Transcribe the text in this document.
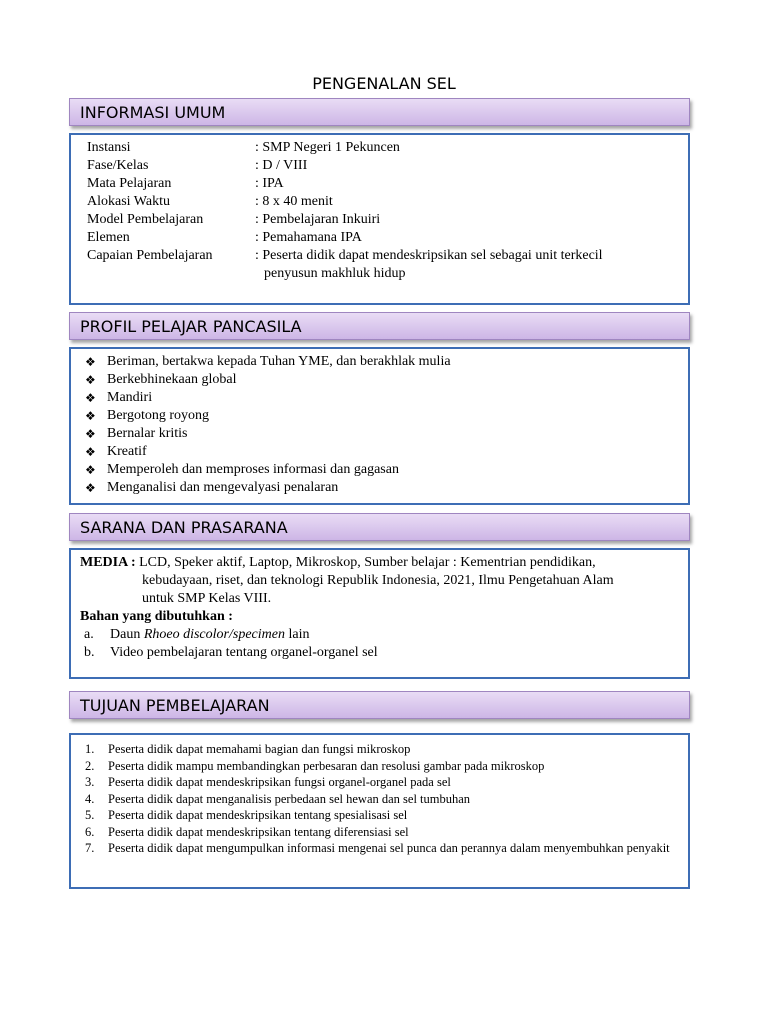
PENGENALAN SEL
INFORMASI UMUM
Instansi	: SMP Negeri 1 Pekuncen
Fase/Kelas	: D / VIII
Mata Pelajaran	: IPA
Alokasi Waktu	: 8 x 40 menit
Model Pembelajaran	: Pembelajaran Inkuiri
Elemen	: Pemahamana IPA
Capaian Pembelajaran	: Peserta didik dapat mendeskripsikan sel sebagai unit terkecil
penyusun makhluk hidup
PROFIL PELAJAR PANCASILA
❖ Beriman, bertakwa kepada Tuhan YME, dan berakhlak mulia
❖ Berkebhinekaan global
❖ Mandiri
❖ Bergotong royong
❖ Bernalar kritis
❖ Kreatif
❖ Memperoleh dan memproses informasi dan gagasan
❖ Menganalisi dan mengevalyasi penalaran
SARANA DAN PRASARANA
MEDIA : LCD, Speker aktif, Laptop, Mikroskop, Sumber belajar : Kementrian pendidikan,
kebudayaan, riset, dan teknologi Republik Indonesia, 2021, Ilmu Pengetahuan Alam
untuk SMP Kelas VIII.
Bahan yang dibutuhkan :
a.	Daun Rhoeo discolor/specimen lain
b.	Video pembelajaran tentang organel-organel sel
TUJUAN PEMBELAJARAN
1.	Peserta didik dapat memahami bagian dan fungsi mikroskop
2.	Peserta didik mampu membandingkan perbesaran dan resolusi gambar pada mikroskop
3.	Peserta didik dapat mendeskripsikan fungsi organel-organel pada sel
4.	Peserta didik dapat menganalisis perbedaan sel hewan dan sel tumbuhan
5.	Peserta didik dapat mendeskripsikan tentang spesialisasi sel
6.	Peserta didik dapat mendeskripsikan tentang diferensiasi sel
7.	Peserta didik dapat mengumpulkan informasi mengenai sel punca dan perannya dalam menyembuhkan penyakit
